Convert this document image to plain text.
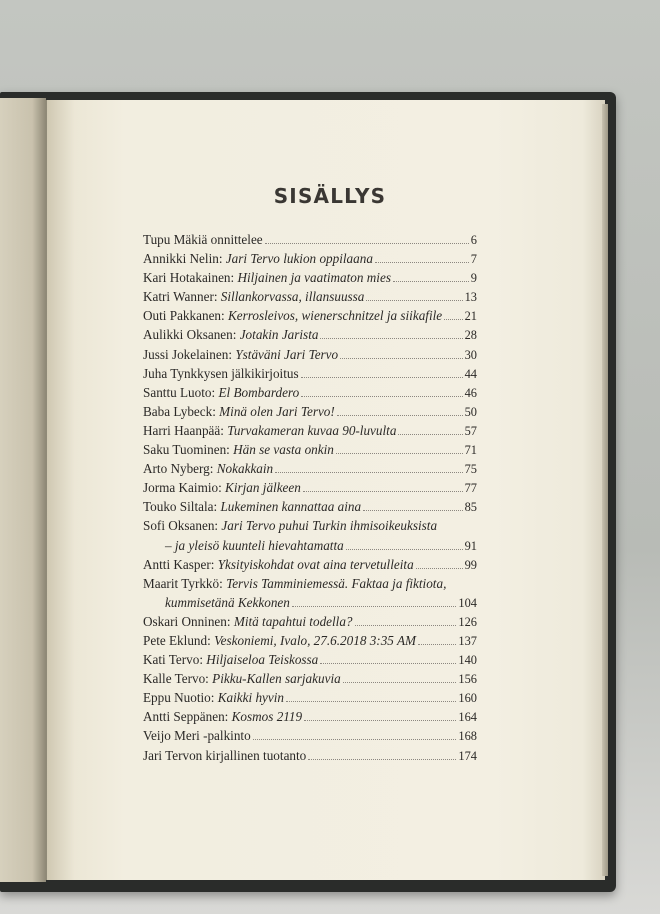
SISÄLLYS
Tupu Mäkiä onnittelee	6
Annikki Nelin: Jari Tervo lukion oppilaana	7
Kari Hotakainen: Hiljainen ja vaatimaton mies	9
Katri Wanner: Sillankorvassa, illansuussa	13
Outi Pakkanen: Kerrosleivos, wienerschnitzel ja siikafile 21
Aulikki Oksanen: Jotakin Jarista	28
Jussi Jokelainen: Ystäväni Jari Tervo	30
Juha Tynkkysen jälkikirjoitus	44
Santtu Luoto: El Bombardero	46
Baba Lybeck: Minä olen Jari Tervo!	50
Harri Haanpää: Turvakameran kuvaa 90-luvulta	57
Saku Tuominen: Hän se vasta onkin	71
Arto Nyberg: Nokakkain	75
Jorma Kaimio: Kirjan jälkeen	77
Touko Siltala: Lukeminen kannattaa aina	85
Sofi Oksanen: Jari Tervo puhui Turkin ihmisoikeuksista
– ja yleisö kuunteli hievahtamatta	91
Antti Kasper: Yksityiskohdat ovat aina tervetulleita	99
Maarit Tyrkkö: Tervis Tamminiemessä. Faktaa ja fiktiota,
kummisetänä Kekkonen	104
Oskari Onninen: Mitä tapahtui todella?	126
Pete Eklund: Veskoniemi, Ivalo, 27.6.2018 3:35 AM	137
Kati Tervo: Hiljaiseloa Teiskossa	140
Kalle Tervo: Pikku-Kallen sarjakuvia	156
Eppu Nuotio: Kaikki hyvin	160
Antti Seppänen: Kosmos 2119	164
Veijo Meri -palkinto	168
Jari Tervon kirjallinen tuotanto	174
